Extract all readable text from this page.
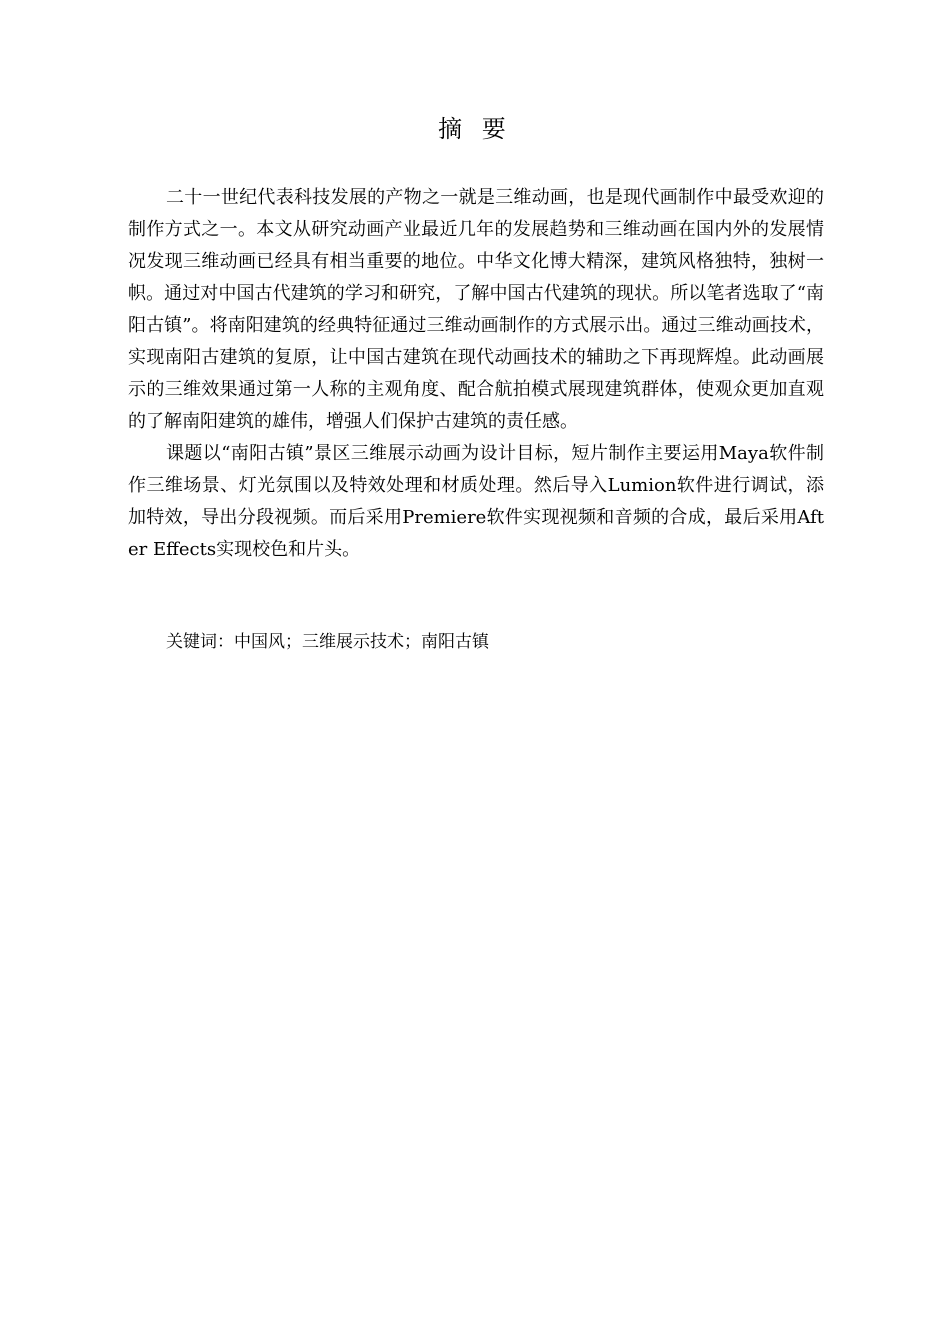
摘 要

二十一世纪代表科技发展的产物之一就是三维动画，也是现代画制作中最受欢迎的制作方式之一。本文从研究动画产业最近几年的发展趋势和三维动画在国内外的发展情况发现三维动画已经具有相当重要的地位。中华文化博大精深，建筑风格独特，独树一帜。通过对中国古代建筑的学习和研究，了解中国古代建筑的现状。所以笔者选取了“南阳古镇”。将南阳建筑的经典特征通过三维动画制作的方式展示出。通过三维动画技术，实现南阳古建筑的复原，让中国古建筑在现代动画技术的辅助之下再现辉煌。此动画展示的三维效果通过第一人称的主观角度、配合航拍模式展现建筑群体，使观众更加直观的了解南阳建筑的雄伟，增强人们保护古建筑的责任感。

课题以“南阳古镇”景区三维展示动画为设计目标，短片制作主要运用Maya软件制作三维场景、灯光氛围以及特效处理和材质处理。然后导入Lumion软件进行调试，添加特效，导出分段视频。而后采用Premiere软件实现视频和音频的合成，最后采用After Effects实现校色和片头。

关键词：中国风；三维展示技术；南阳古镇
